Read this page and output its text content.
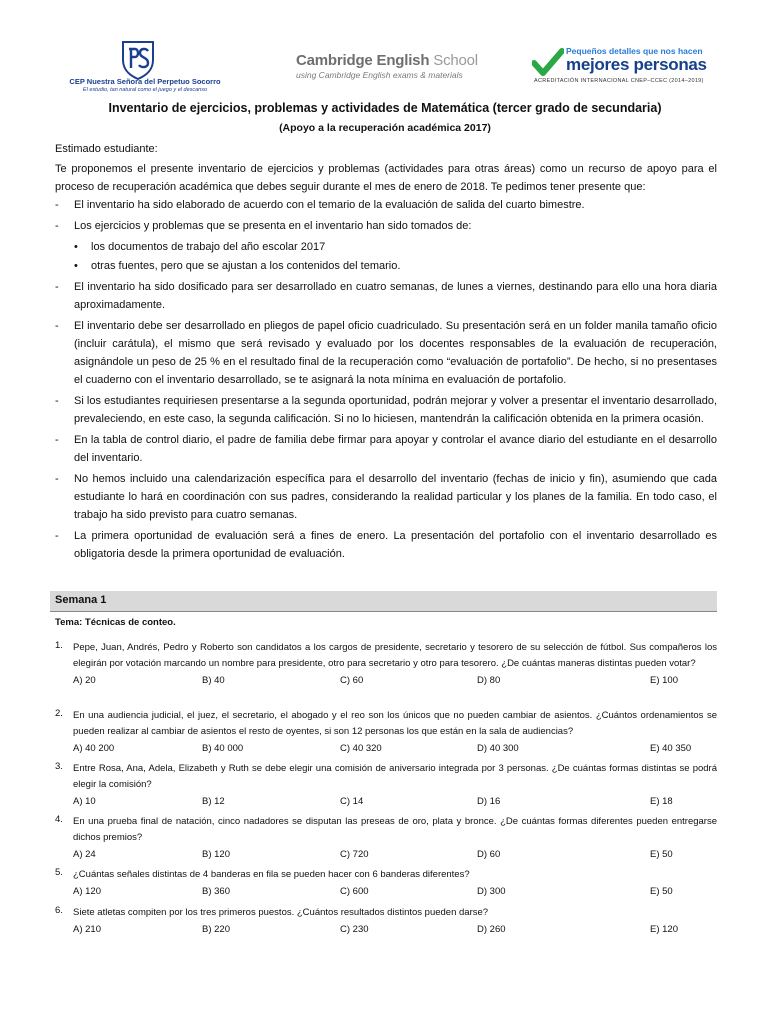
CEP Nuestra Señora del Perpetuo Socorro
El estudio, tan natural como el juego y el descanso
Cambridge English School
using Cambridge English exams & materials
Pequeños detalles que nos hacen
mejores personas
ACREDITACIÓN INTERNACIONAL CNEP–CCEC (2014–2019)
Inventario de ejercicios, problemas y actividades de Matemática (tercer grado de secundaria)
(Apoyo a la recuperación académica 2017)
Estimado estudiante:
Te proponemos el presente inventario de ejercicios y problemas (actividades para otras áreas) como un recurso de apoyo para el proceso de recuperación académica que debes seguir durante el mes de enero de 2018. Te pedimos tener presente que:
- El inventario ha sido elaborado de acuerdo con el temario de la evaluación de salida del cuarto bimestre.
- Los ejercicios y problemas que se presenta en el inventario han sido tomados de:
• los documentos de trabajo del año escolar 2017
• otras fuentes, pero que se ajustan a los contenidos del temario.
- El inventario ha sido dosificado para ser desarrollado en cuatro semanas, de lunes a viernes, destinando para ello una hora diaria aproximadamente.
- El inventario debe ser desarrollado en pliegos de papel oficio cuadriculado. Su presentación será en un folder manila tamaño oficio (incluir carátula), el mismo que será revisado y evaluado por los docentes responsables de la evaluación de recuperación, asignándole un peso de 25 % en el resultado final de la recuperación como “evaluación de portafolio”. De hecho, si no presentases el cuaderno con el inventario desarrollado, se te asignará la nota mínima en evaluación de portafolio.
- Si los estudiantes requiriesen presentarse a la segunda oportunidad, podrán mejorar y volver a presentar el inventario desarrollado, prevaleciendo, en este caso, la segunda calificación. Si no lo hiciesen, mantendrán la calificación obtenida en la primera ocasión.
- En la tabla de control diario, el padre de familia debe firmar para apoyar y controlar el avance diario del estudiante en el desarrollo del inventario.
- No hemos incluido una calendarización específica para el desarrollo del inventario (fechas de inicio y fin), asumiendo que cada estudiante lo hará en coordinación con sus padres, considerando la realidad particular y los planes de la familia. En todo caso, el trabajo ha sido previsto para cuatro semanas.
- La primera oportunidad de evaluación será a fines de enero. La presentación del portafolio con el inventario desarrollado es obligatoria desde la primera oportunidad de evaluación.
Semana 1
Tema: Técnicas de conteo.
1. Pepe, Juan, Andrés, Pedro y Roberto son candidatos a los cargos de presidente, secretario y tesorero de su selección de fútbol. Sus compañeros los elegirán por votación marcando un nombre para presidente, otro para secretario y otro para tesorero. ¿De cuántas maneras distintas pueden votar?
A) 20	B) 40	C) 60	D) 80	E) 100
2. En una audiencia judicial, el juez, el secretario, el abogado y el reo son los únicos que no pueden cambiar de asientos. ¿Cuántos ordenamientos se pueden realizar al cambiar de asientos el resto de oyentes, si son 12 personas los que están en la sala de audiencias?
A) 40 200	B) 40 000	C) 40 320	D) 40 300	E) 40 350
3. Entre Rosa, Ana, Adela, Elizabeth y Ruth se debe elegir una comisión de aniversario integrada por 3 personas. ¿De cuántas formas distintas se podrá elegir la comisión?
A) 10	B) 12	C) 14	D) 16	E) 18
4. En una prueba final de natación, cinco nadadores se disputan las preseas de oro, plata y bronce. ¿De cuántas formas diferentes pueden entregarse dichos premios?
A) 24	B) 120	C) 720	D) 60	E) 50
5. ¿Cuántas señales distintas de 4 banderas en fila se pueden hacer con 6 banderas diferentes?
A) 120	B) 360	C) 600	D) 300	E) 50
6. Siete atletas compiten por los tres primeros puestos. ¿Cuántos resultados distintos pueden darse?
A) 210	B) 220	C) 230	D) 260	E) 120
